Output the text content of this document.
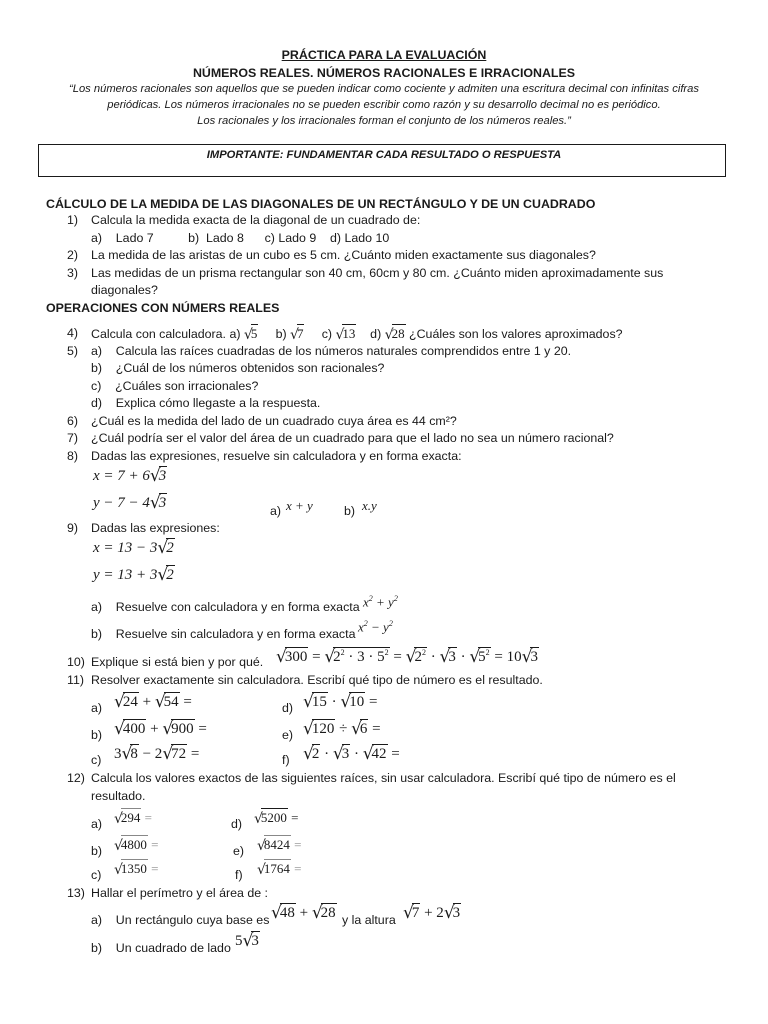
PRÁCTICA PARA LA EVALUACIÓN
NÚMEROS REALES. NÚMEROS RACIONALES E IRRACIONALES
“Los números racionales son aquellos que se pueden indicar como cociente y admiten una escritura decimal con infinitas cifras
periódicas. Los números irracionales no se pueden escribir como razón y su desarrollo decimal no es periódico.
Los racionales y los irracionales forman el conjunto de los números reales.”
IMPORTANTE: FUNDAMENTAR CADA RESULTADO O RESPUESTA
CÁLCULO DE LA MEDIDA DE LAS DIAGONALES DE UN RECTÁNGULO Y DE UN CUADRADO
1) Calcula la medida exacta de la diagonal de un cuadrado de:
a)    Lado 7          b)  Lado 8      c) Lado 9    d) Lado 10
2) La medida de las aristas de un cubo es 5 cm. ¿Cuánto miden exactamente sus diagonales?
3) Las medidas de un prisma rectangular son 40 cm, 60cm y 80 cm. ¿Cuánto miden aproximadamente sus
diagonales?
OPERACIONES CON NÚMERS REALES
4) Calcula con calculadora. a) √5 b) √7 c) √13 d) √28 ¿Cuáles son los valores aproximados?
5) a)    Calcula las raíces cuadradas de los números naturales comprendidos entre 1 y 20.
b)    ¿Cuál de los números obtenidos son racionales?
c)    ¿Cuáles son irracionales?
d)    Explica cómo llegaste a la respuesta.
6) ¿Cuál es la medida del lado de un cuadrado cuya área es 44 cm²?
7) ¿Cuál podría ser el valor del área de un cuadrado para que el lado no sea un número racional?
8) Dadas las expresiones, resuelve sin calculadora y en forma exacta:
x = 7 + 6√3
y − 7 − 4√3	a) x + y	b) x.y
9) Dadas las expresiones:
x = 13 − 3√2
y = 13 + 3√2
a)    Resuelve con calculadora y en forma exacta $x^2 + y^2$
b)    Resuelve sin calculadora y en forma exacta $x^2 - y^2$
10) Explique si está bien y por qué. $√300 = √2^2 \cdot 3 \cdot 5^2 = √2^2 \cdot √3 \cdot √5^2 = 10√3$
11) Resolver exactamente sin calculadora. Escribí qué tipo de número es el resultado.
a) √24 + √54 =
b) √400 + √900 =
c) 3√8 − 2√72 =
d) √15 · √10 =
e) √120 ÷ √6 =
f) √2 · √3 · √42 =
12) Calcula los valores exactos de las siguientes raíces, sin usar calculadora. Escribí qué tipo de número es el
resultado.
a) √294 =
b) √4800 =
c) √1350 =
d) √5200 =
e) √8424 =
f) √1764 =
13) Hallar el perímetro y el área de :
a)    Un rectángulo cuya base es √48 + √28 y la altura √7 + 2√3
b)    Un cuadrado de lado 5√3
